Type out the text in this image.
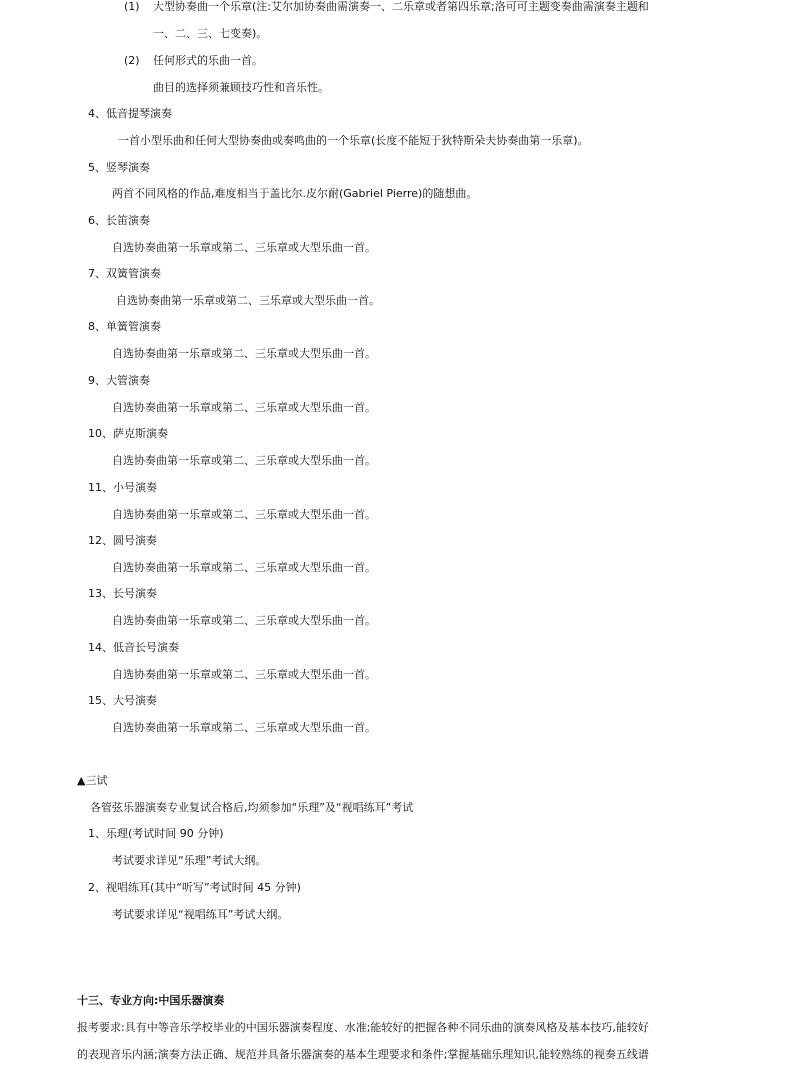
(1) 大型协奏曲一个乐章(注:艾尔加协奏曲需演奏一、二乐章或者第四乐章;洛可可主题变奏曲需演奏主题和
一、二、三、七变奏)。
(2) 任何形式的乐曲一首。
曲目的选择须兼顾技巧性和音乐性。
4、低音提琴演奏
一首小型乐曲和任何大型协奏曲或奏鸣曲的一个乐章(长度不能短于狄特斯朵夫协奏曲第一乐章)。
5、竖琴演奏
两首不同风格的作品,难度相当于盖比尔.皮尔耐(Gabriel Pierre)的随想曲。
6、长笛演奏
自选协奏曲第一乐章或第二、三乐章或大型乐曲一首。
7、双簧管演奏
自选协奏曲第一乐章或第二、三乐章或大型乐曲一首。
8、单簧管演奏
自选协奏曲第一乐章或第二、三乐章或大型乐曲一首。
9、大管演奏
自选协奏曲第一乐章或第二、三乐章或大型乐曲一首。
10、萨克斯演奏
自选协奏曲第一乐章或第二、三乐章或大型乐曲一首。
11、小号演奏
自选协奏曲第一乐章或第二、三乐章或大型乐曲一首。
12、圆号演奏
自选协奏曲第一乐章或第二、三乐章或大型乐曲一首。
13、长号演奏
自选协奏曲第一乐章或第二、三乐章或大型乐曲一首。
14、低音长号演奏
自选协奏曲第一乐章或第二、三乐章或大型乐曲一首。
15、大号演奏
自选协奏曲第一乐章或第二、三乐章或大型乐曲一首。
▲三试
各管弦乐器演奏专业复试合格后,均须参加“乐理”及“视唱练耳”考试
1、乐理(考试时间 90 分钟)
考试要求详见“乐理”考试大纲。
2、视唱练耳(其中“听写”考试时间 45 分钟)
考试要求详见“视唱练耳”考试大纲。
十三、专业方向:中国乐器演奏
报考要求:具有中等音乐学校毕业的中国乐器演奏程度、水准;能较好的把握各种不同乐曲的演奏风格及基本技巧,能较好
的表现音乐内涵;演奏方法正确、规范并具备乐器演奏的基本生理要求和条件;掌握基础乐理知识,能较熟练的视奏五线谱
